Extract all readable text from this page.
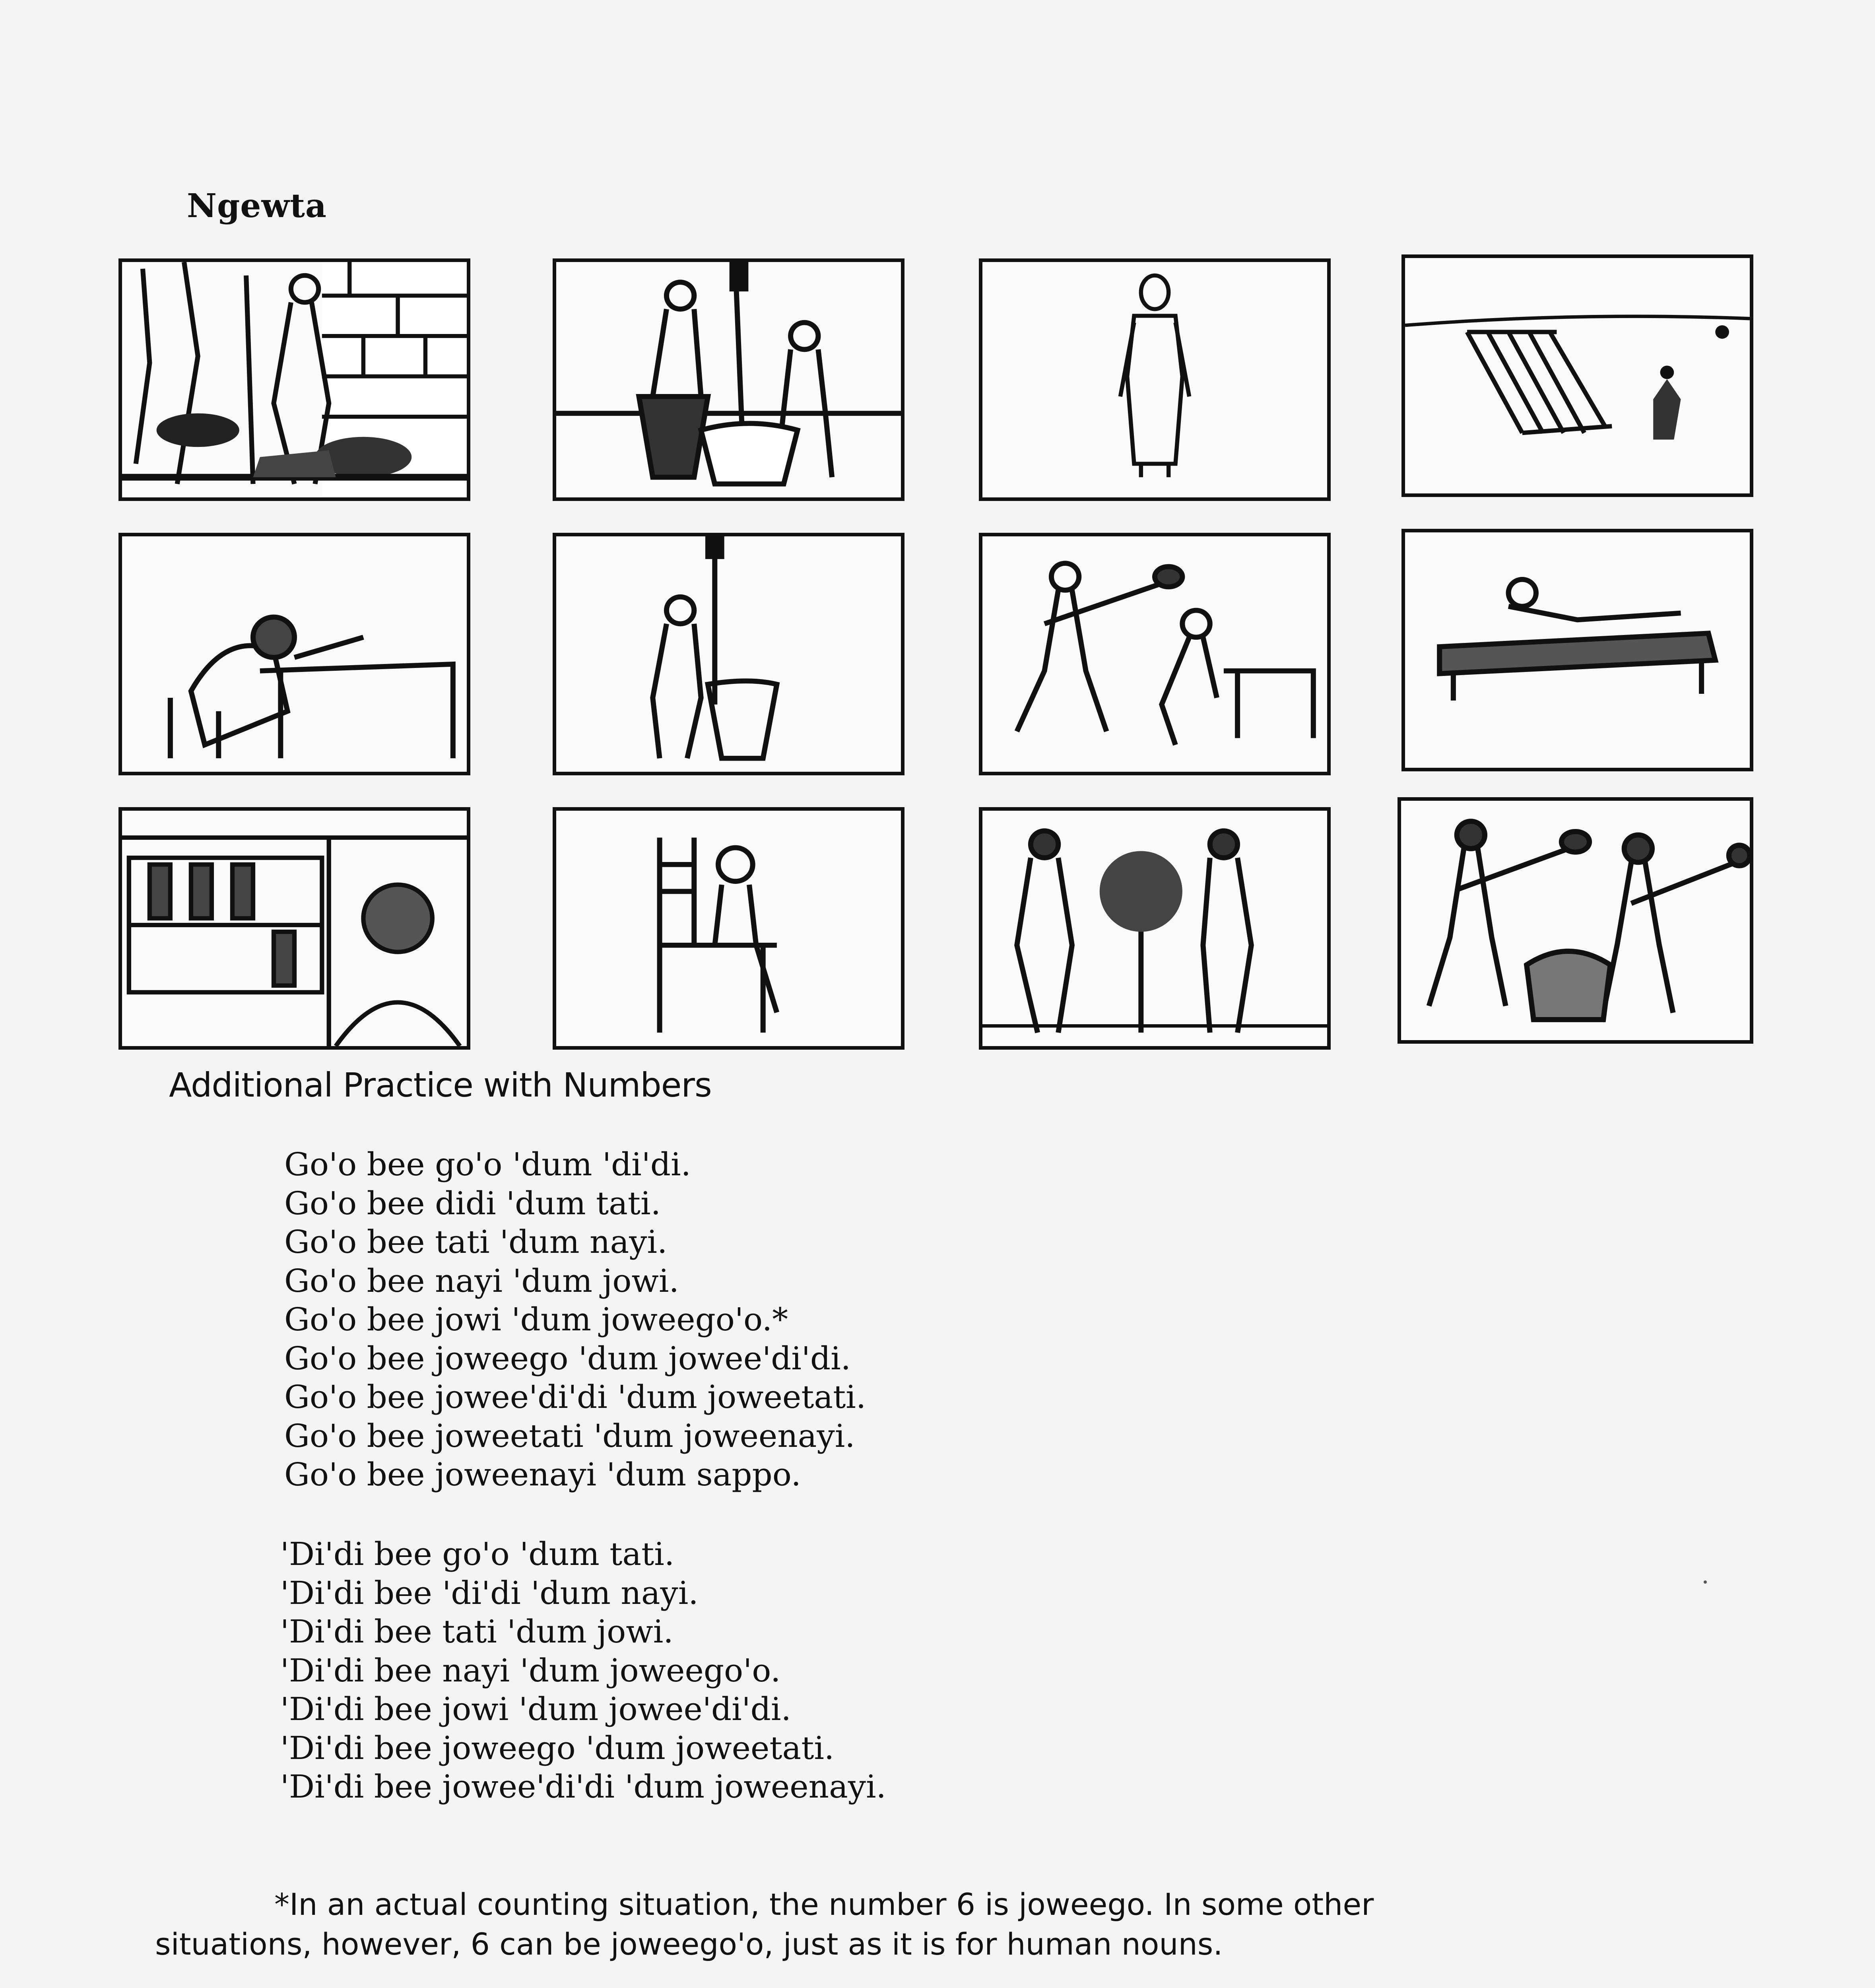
Ngewta
Additional Practice with Numbers
Go'o bee go'o 'dum 'di'di.
Go'o bee didi 'dum tati.
Go'o bee tati 'dum nayi.
Go'o bee nayi 'dum jowi.
Go'o bee jowi 'dum joweego'o.*
Go'o bee joweego 'dum jowee'di'di.
Go'o bee jowee'di'di 'dum joweetati.
Go'o bee joweetati 'dum joweenayi.
Go'o bee joweenayi 'dum sappo.
'Di'di bee go'o 'dum tati.
'Di'di bee 'di'di 'dum nayi.
'Di'di bee tati 'dum jowi.
'Di'di bee nayi 'dum joweego'o.
'Di'di bee jowi 'dum jowee'di'di.
'Di'di bee joweego 'dum joweetati.
'Di'di bee jowee'di'di 'dum joweenayi.

*In an actual counting situation, the number 6 is joweego. In some other

situations, however, 6 can be joweego'o, just as it is for human nouns.
